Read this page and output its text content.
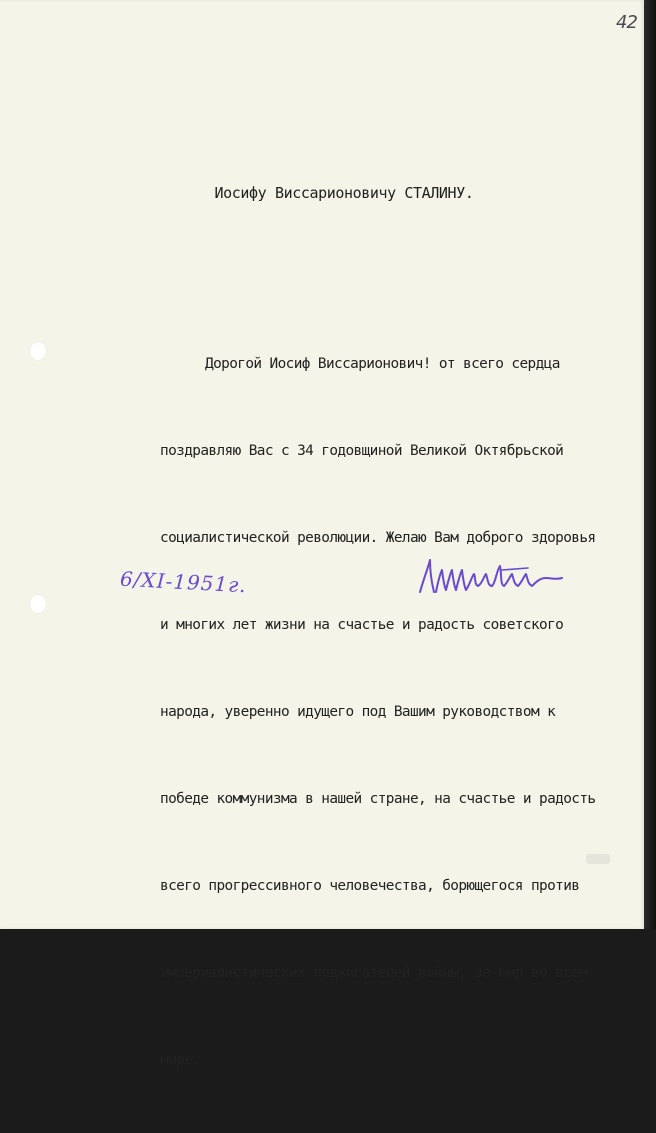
42
Иосифу Виссарионовичу СТАЛИНУ.

Дорогой Иосиф Виссарионович! от всего сердца

поздравляю Вас с 34 годовщиной Великой Октябрьской

социалистической революции. Желаю Вам доброго здоровья

и многих лет жизни на счастье и радость советского

народа, уверенно идущего под Вашим руководством к

победе коммунизма в нашей стране, на счастье и радость

всего прогрессивного человечества, борющегося против

империалистических поджигателей войны, за мир во всем

мире.

6/XI-1951г.
